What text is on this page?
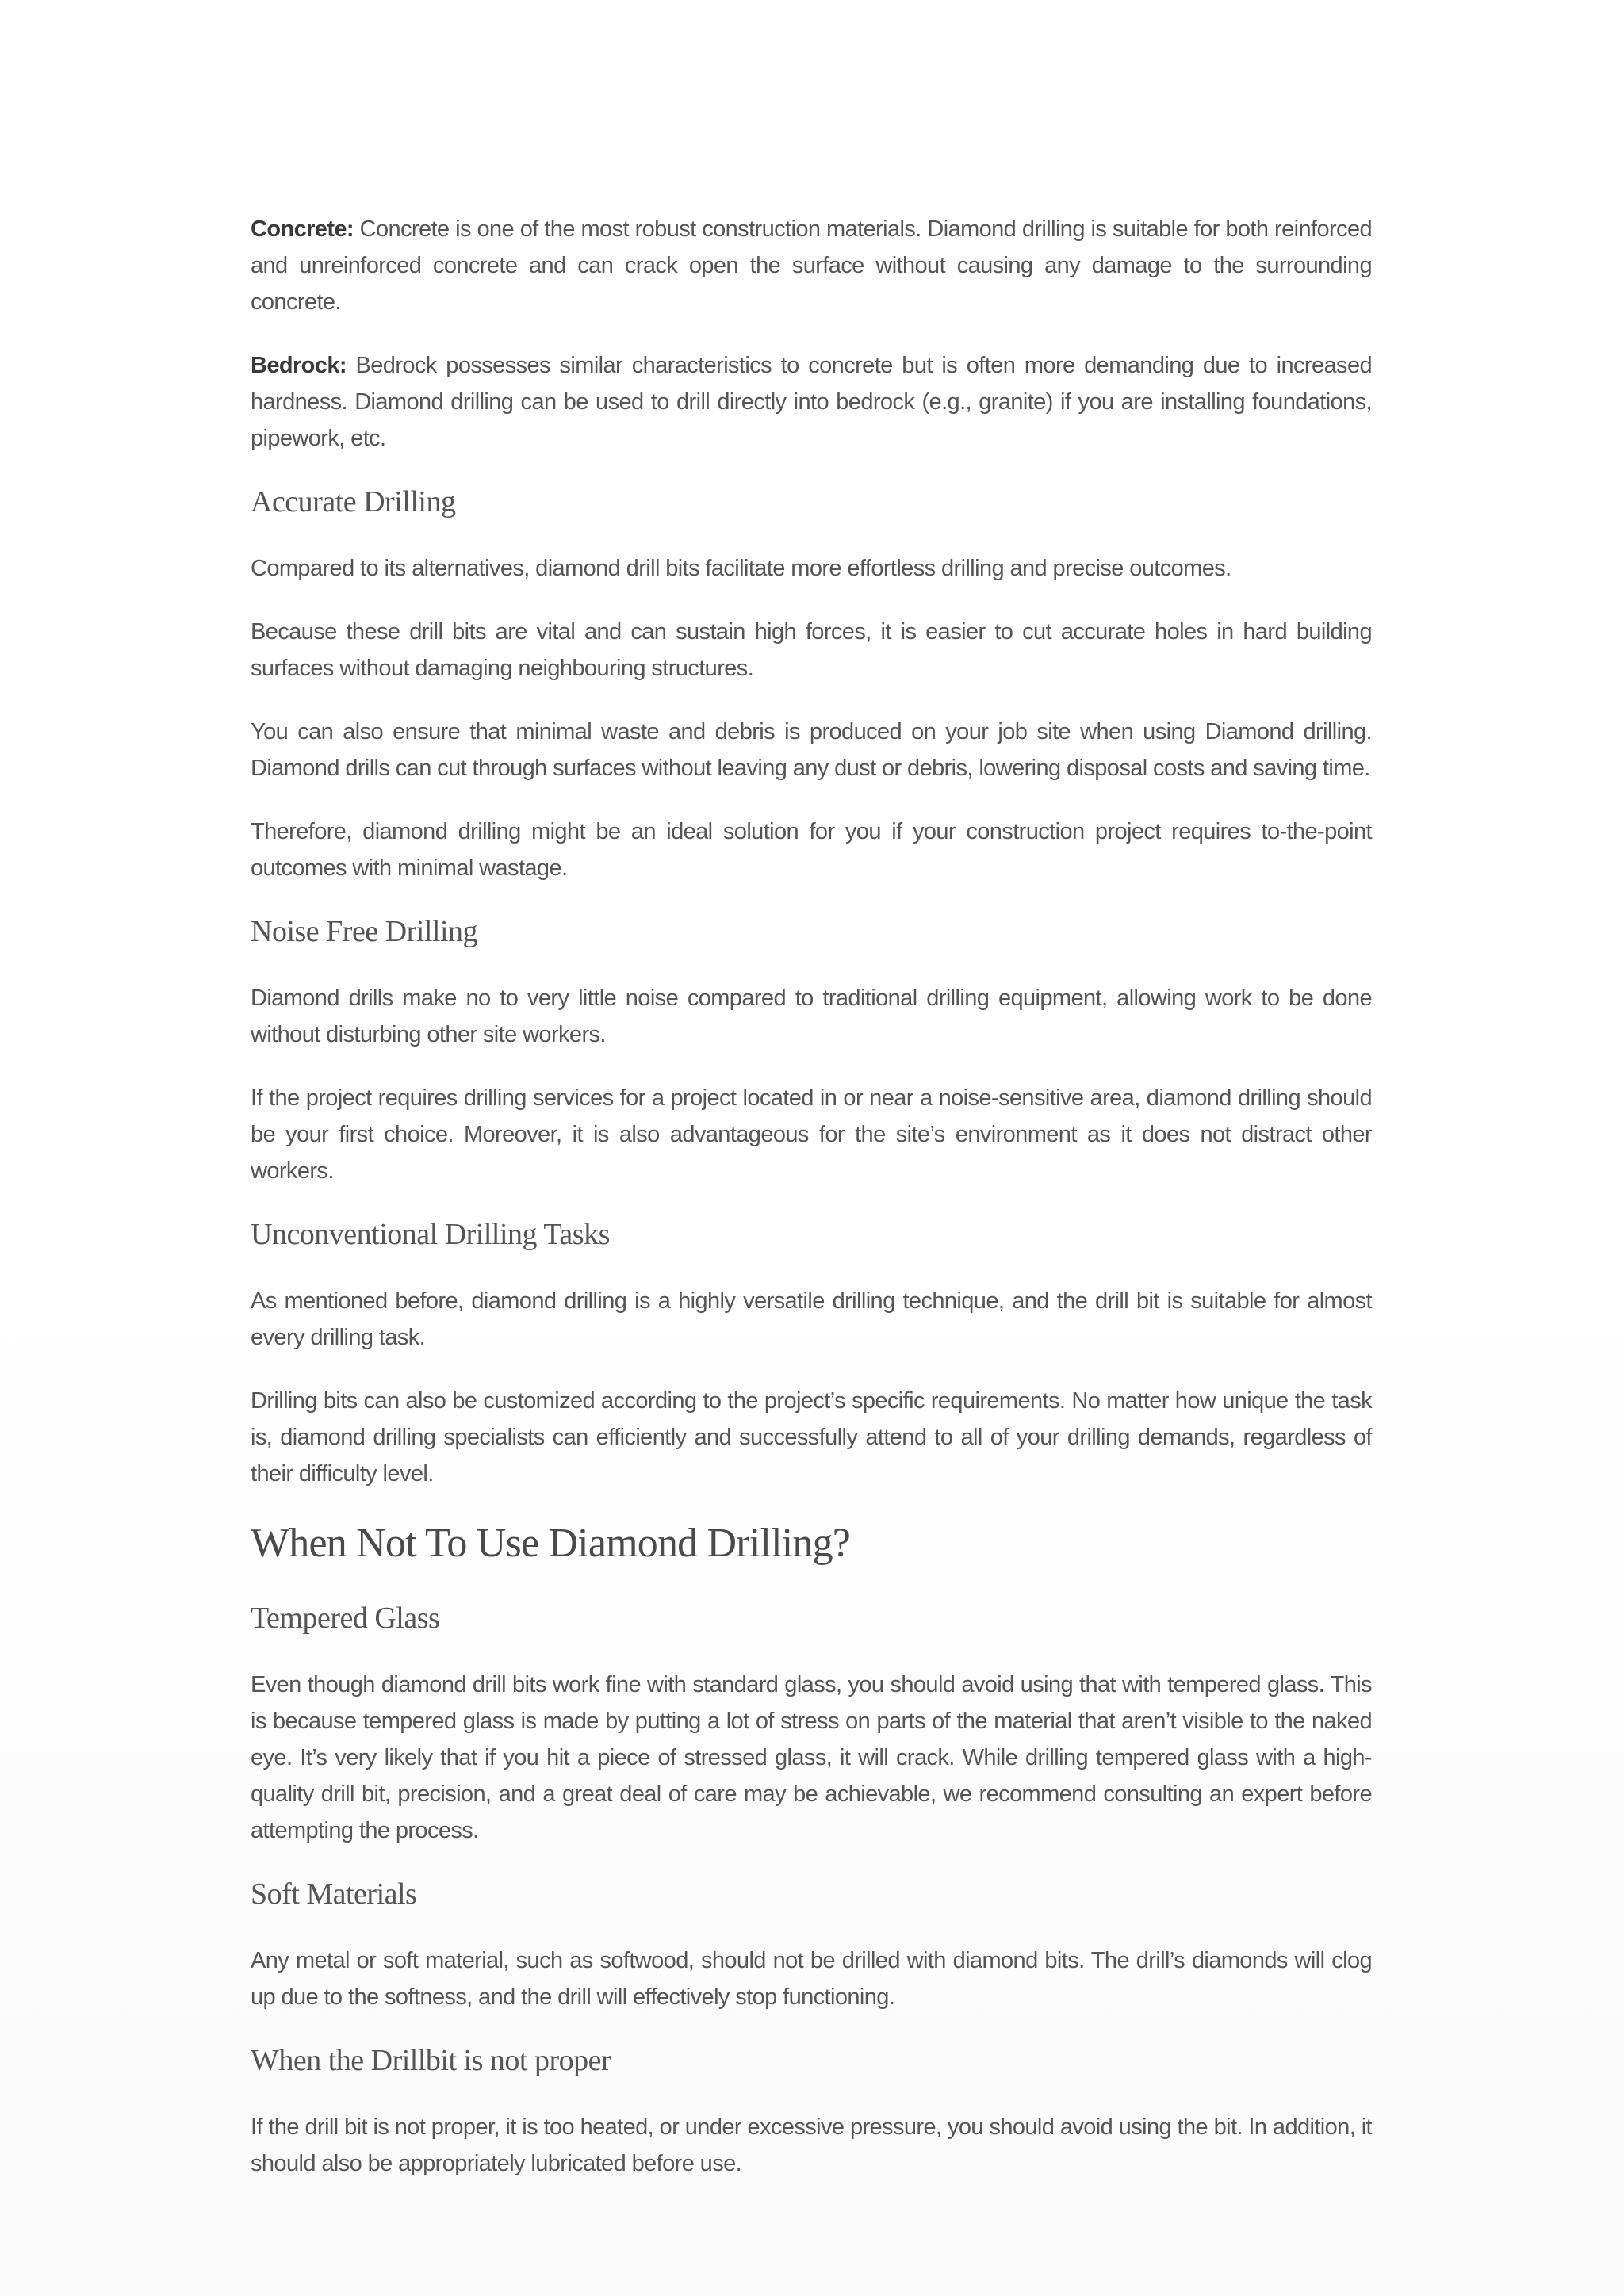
Concrete: Concrete is one of the most robust construction materials. Diamond drilling is suitable for both reinforced and unreinforced concrete and can crack open the surface without causing any damage to the surrounding concrete.

Bedrock: Bedrock possesses similar characteristics to concrete but is often more demanding due to increased hardness. Diamond drilling can be used to drill directly into bedrock (e.g., granite) if you are installing foundations, pipework, etc.

Accurate Drilling

Compared to its alternatives, diamond drill bits facilitate more effortless drilling and precise outcomes.

Because these drill bits are vital and can sustain high forces, it is easier to cut accurate holes in hard building surfaces without damaging neighbouring structures.

You can also ensure that minimal waste and debris is produced on your job site when using Diamond drilling. Diamond drills can cut through surfaces without leaving any dust or debris, lowering disposal costs and saving time.

Therefore, diamond drilling might be an ideal solution for you if your construction project requires to-the-point outcomes with minimal wastage.

Noise Free Drilling

Diamond drills make no to very little noise compared to traditional drilling equipment, allowing work to be done without disturbing other site workers.

If the project requires drilling services for a project located in or near a noise-sensitive area, diamond drilling should be your first choice. Moreover, it is also advantageous for the site’s environment as it does not distract other workers.

Unconventional Drilling Tasks

As mentioned before, diamond drilling is a highly versatile drilling technique, and the drill bit is suitable for almost every drilling task.

Drilling bits can also be customized according to the project’s specific requirements. No matter how unique the task is, diamond drilling specialists can efficiently and successfully attend to all of your drilling demands, regardless of their difficulty level.

When Not To Use Diamond Drilling?
Tempered Glass

Even though diamond drill bits work fine with standard glass, you should avoid using that with tempered glass. This is because tempered glass is made by putting a lot of stress on parts of the material that aren’t visible to the naked eye. It’s very likely that if you hit a piece of stressed glass, it will crack. While drilling tempered glass with a high-quality drill bit, precision, and a great deal of care may be achievable, we recommend consulting an expert before attempting the process.

Soft Materials

Any metal or soft material, such as softwood, should not be drilled with diamond bits. The drill’s diamonds will clog up due to the softness, and the drill will effectively stop functioning.

When the Drillbit is not proper

If the drill bit is not proper, it is too heated, or under excessive pressure, you should avoid using the bit. In addition, it should also be appropriately lubricated before use.
